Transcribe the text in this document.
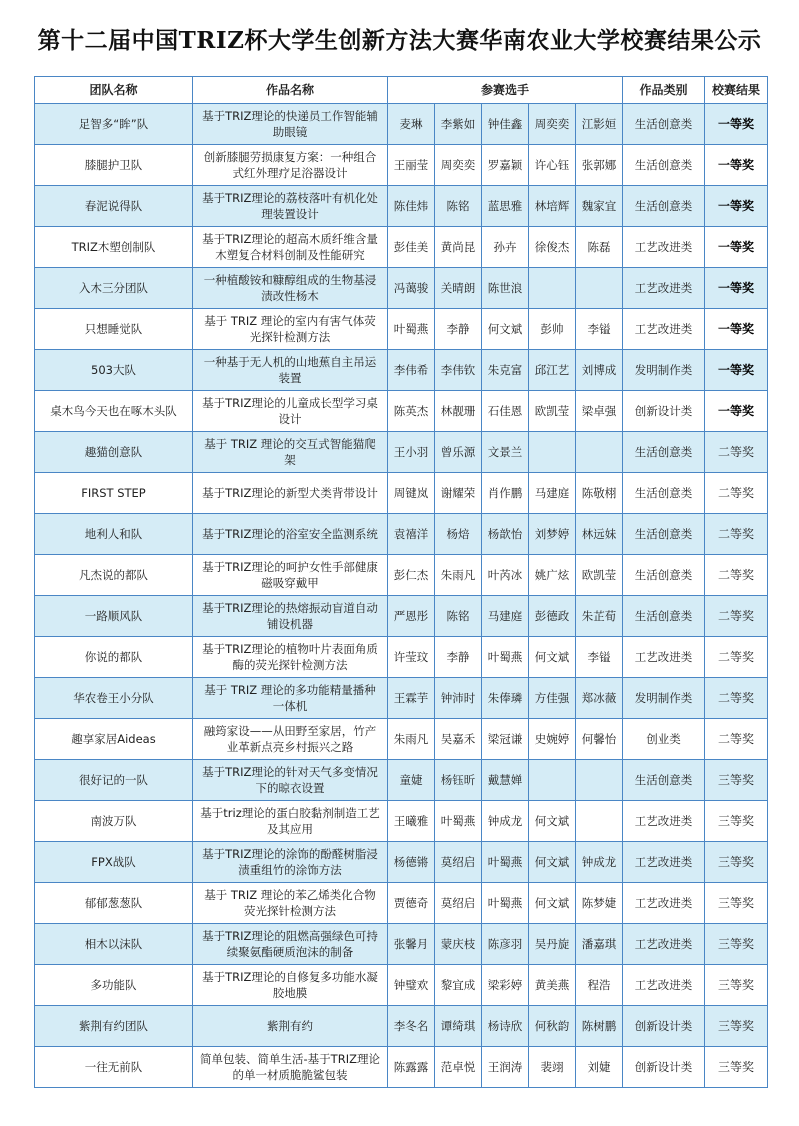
第十二届中国TRIZ杯大学生创新方法大赛华南农业大学校赛结果公示
团队名称	作品名称	参赛选手					作品类别	校赛结果
足智多“眸”队	基于TRIZ理论的快递员工作智能辅助眼镜	麦琳	李紫如	钟佳鑫	周奕奕	江影姮	生活创意类	一等奖
膝腿护卫队	创新膝腿劳损康复方案：一种组合式红外理疗足浴器设计	王丽莹	周奕奕	罗嘉颖	许心钰	张郭娜	生活创意类	一等奖
春泥说得队	基于TRIZ理论的荔枝落叶有机化处理装置设计	陈佳炜	陈铭	蓝思雅	林培辉	魏家宜	生活创意类	一等奖
TRIZ木塑创制队	基于TRIZ理论的超高木质纤维含量木塑复合材料创制及性能研究	彭佳美	黄尚昆	孙卉	徐俊杰	陈磊	工艺改进类	一等奖
入木三分团队	一种植酸铵和糠醇组成的生物基浸渍改性杨木	冯蔼骏	关晴朗	陈世浪			工艺改进类	一等奖
只想睡觉队	基于 TRIZ 理论的室内有害气体荧光探针检测方法	叶蜀燕	李静	何文斌	彭帅	李镒	工艺改进类	一等奖
503大队	一种基于无人机的山地蕉自主吊运装置	李伟希	李伟钦	朱克富	邱江艺	刘博成	发明制作类	一等奖
桌木鸟今天也在啄木头队	基于TRIZ理论的儿童成长型学习桌设计	陈英杰	林靓珊	石佳恩	欧凯莹	梁卓强	创新设计类	一等奖
趣猫创意队	基于 TRIZ 理论的交互式智能猫爬架	王小羽	曾乐源	文景兰			生活创意类	二等奖
FIRST STEP	基于TRIZ理论的新型犬类背带设计	周键岚	谢耀荣	肖作鹏	马建庭	陈敬栩	生活创意类	二等奖
地利人和队	基于TRIZ理论的浴室安全监测系统	袁禧洋	杨焙	杨歆怡	刘梦婷	林远妹	生活创意类	二等奖
凡杰说的都队	基于TRIZ理论的呵护女性手部健康磁吸穿戴甲	彭仁杰	朱雨凡	叶芮冰	姚广炫	欧凯莹	生活创意类	二等奖
一路顺风队	基于TRIZ理论的热熔振动盲道自动铺设机器	严恩彤	陈铭	马建庭	彭德政	朱芷荀	生活创意类	二等奖
你说的都队	基于TRIZ理论的植物叶片表面角质酶的荧光探针检测方法	许莹玟	李静	叶蜀燕	何文斌	李镒	工艺改进类	二等奖
华农卷王小分队	基于 TRIZ 理论的多功能精量播种一体机	王霖芋	钟沛时	朱俸璘	方佳强	郑冰薇	发明制作类	二等奖
趣享家居Aideas	融筠家设——从田野至家居，竹产业革新点亮乡村振兴之路	朱雨凡	吴嘉禾	梁冠谦	史婉婷	何馨怡	创业类	二等奖
很好记的一队	基于TRIZ理论的针对天气多变情况下的晾衣设置	童婕	杨钰昕	戴慧婵			生活创意类	三等奖
南波万队	基于triz理论的蛋白胶黏剂制造工艺及其应用	王曦雅	叶蜀燕	钟成龙	何文斌		工艺改进类	三等奖
FPX战队	基于TRIZ理论的涂饰的酚醛树脂浸渍重组竹的涂饰方法	杨德锵	莫绍启	叶蜀燕	何文斌	钟成龙	工艺改进类	三等奖
郁郁葱葱队	基于 TRIZ 理论的苯乙烯类化合物荧光探针检测方法	贾德奇	莫绍启	叶蜀燕	何文斌	陈梦婕	工艺改进类	三等奖
相木以沫队	基于TRIZ理论的阻燃高强绿色可持续聚氨酯硬质泡沫的制备	张馨月	蒙庆枝	陈彦羽	吴丹旋	潘嘉琪	工艺改进类	三等奖
多功能队	基于TRIZ理论的自修复多功能水凝胶地膜	钟璧欢	黎宜成	梁彩婷	黄美燕	程浩	工艺改进类	三等奖
紫荆有约团队	紫荆有约	李冬名	谭绮琪	杨诗欣	何秋韵	陈树鹏	创新设计类	三等奖
一往无前队	简单包装、简单生活-基于TRIZ理论的单一材质脆脆鲨包装	陈露露	范卓悦	王润涛	裴翊	刘婕	创新设计类	三等奖
